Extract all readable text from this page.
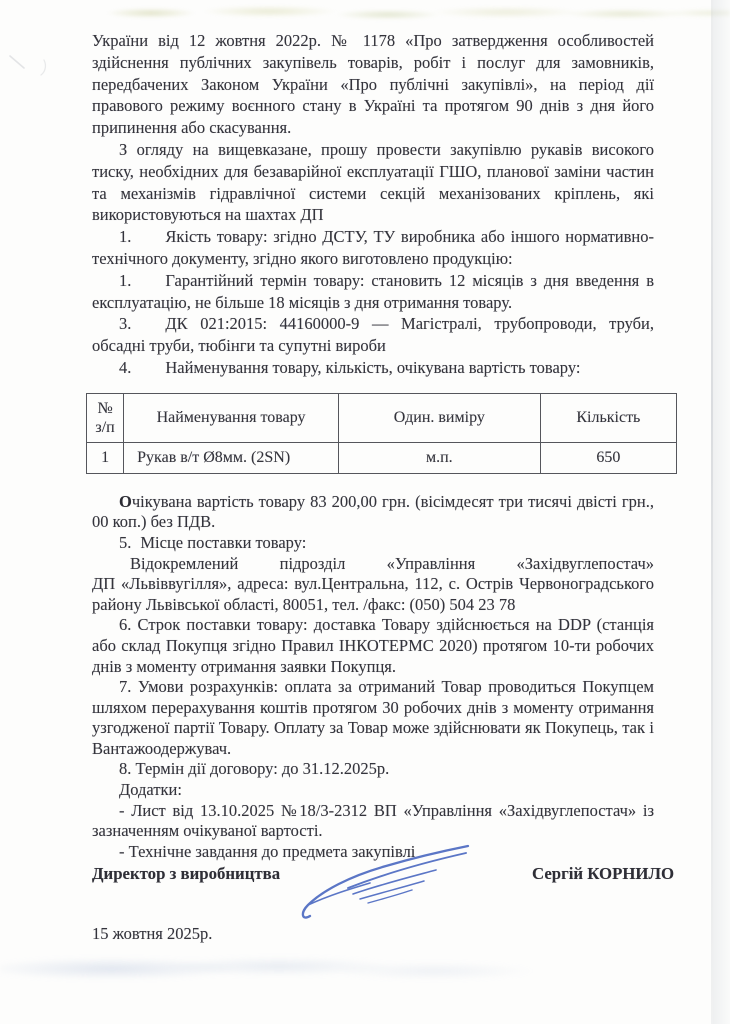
України від 12 жовтня 2022р. № 1178 «Про затвердження особливостей здійснення публічних закупівель товарів, робіт і послуг для замовників, передбачених Законом України «Про публічні закупівлі», на період дії правового режиму воєнного стану в Україні та протягом 90 днів з дня його припинення або скасування.

З огляду на вищевказане, прошу провести закупівлю рукавів високого тиску, необхідних для безаварійної експлуатації ГШО, планової заміни частин та механізмів гідравлічної системи секцій механізованих кріплень, які використовуються на шахтах ДП

1. Якість товару: згідно ДСТУ, ТУ виробника або іншого нормативно-технічного документу, згідно якого виготовлено продукцію:

1. Гарантійний термін товару: становить 12 місяців з дня введення в експлуатацію, не більше 18 місяців з дня отримання товару.

3. ДК 021:2015: 44160000-9 — Магістралі, трубопроводи, труби, обсадні труби, тюбінги та супутні вироби

4. Найменування товару, кількість, очікувана вартість товару:

№ з/п	Найменування товару	Один. виміру	Кількість
1	Рукав в/т Ø8мм. (2SN)	м.п.	650

Очікувана вартість товару 83 200,00 грн. (вісімдесят три тисячі двісті грн., 00 коп.) без ПДВ.

5. Місце поставки товару:

Відокремлений підрозділ «Управління «Західвуглепостач»

ДП «Львіввугілля», адреса: вул.Центральна, 112, с. Острів Червоноградського району Львівської області, 80051, тел. /факс: (050) 504 23 78

6. Строк поставки товару: доставка Товару здійснюється на DDP (станція або склад Покупця згідно Правил ІНКОТЕРМС 2020) протягом 10-ти робочих днів з моменту отримання заявки Покупця.

7. Умови розрахунків: оплата за отриманий Товар проводиться Покупцем шляхом перерахування коштів протягом 30 робочих днів з моменту отримання узгодженої партії Товару. Оплату за Товар може здійснювати як Покупець, так і Вантажоодержувач.

8. Термін дії договору: до 31.12.2025р.

Додатки:

- Лист від 13.10.2025 №18/3-2312 ВП «Управління «Західвуглепостач» із зазначенням очікуваної вартості.

- Технічне завдання до предмета закупівлі

Директор з виробництва	Сергій КОРНИЛО
15 жовтня 2025р.
